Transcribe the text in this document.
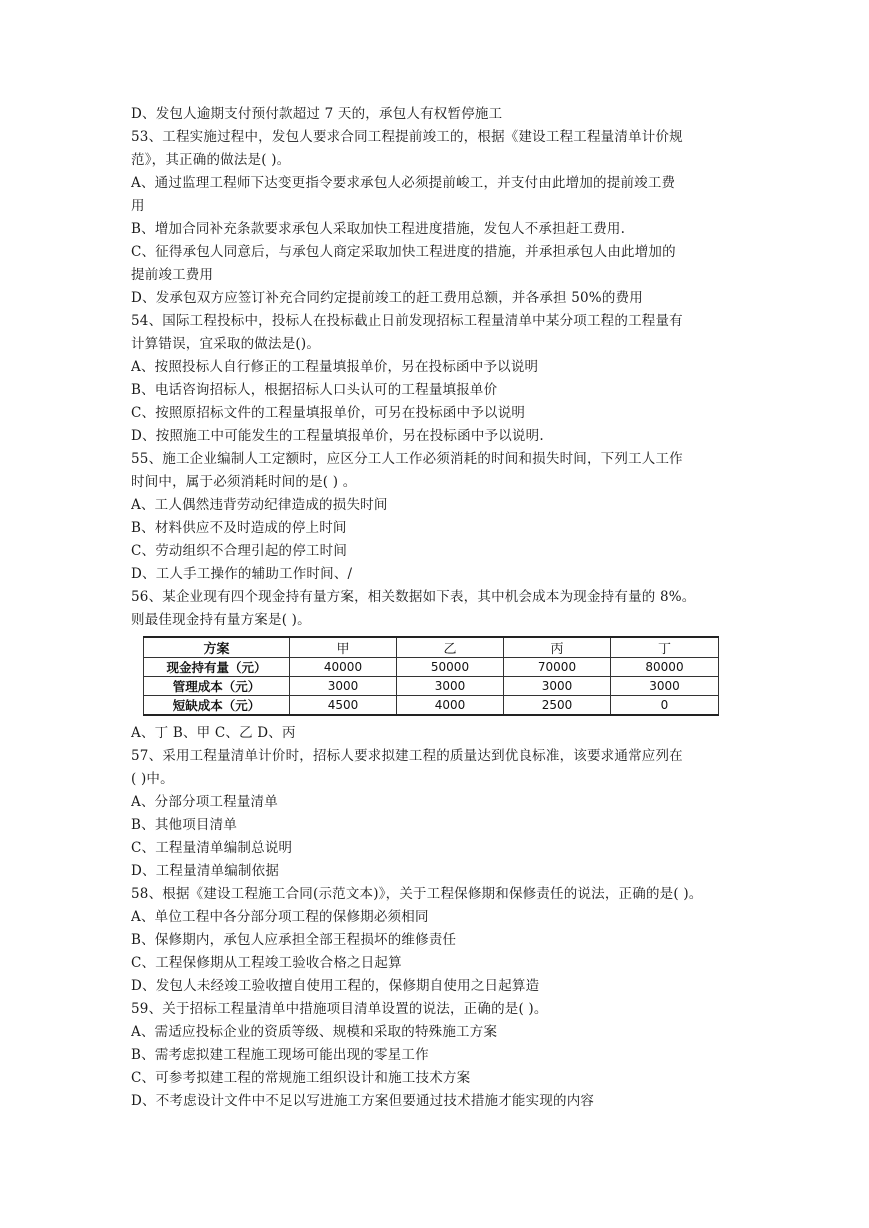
D、发包人逾期支付预付款超过 7 天的，承包人有权暂停施工
53、工程实施过程中，发包人要求合同工程提前竣工的，根据《建设工程工程量清单计价规
范》，其正确的做法是( )。
A、通过监理工程师下达变更指令要求承包人必须提前峻工，并支付由此增加的提前竣工费
用
B、增加合同补充条款要求承包人采取加快工程进度措施，发包人不承担赶工费用.
C、征得承包人同意后，与承包人商定采取加快工程进度的措施，并承担承包人由此增加的
提前竣工费用
D、发承包双方应签订补充合同约定提前竣工的赶工费用总额，并各承担 50%的费用
54、国际工程投标中，投标人在投标截止日前发现招标工程量清单中某分项工程的工程量有
计算错误，宜采取的做法是()。
A、按照投标人自行修正的工程量填报单价，另在投标函中予以说明
B、电话咨询招标人，根据招标人口头认可的工程量填报单价
C、按照原招标文件的工程量填报单价，可另在投标函中予以说明
D、按照施工中可能发生的工程量填报单价，另在投标函中予以说明.
55、施工企业编制人工定额时，应区分工人工作必须消耗的时间和损失时间，下列工人工作
时间中，属于必须消耗时间的是( ) 。
A、工人偶然违背劳动纪律造成的损失时间
B、材料供应不及时造成的停上时间
C、劳动组织不合理引起的停工时间
D、工人手工操作的辅助工作时间、/
56、某企业现有四个现金持有量方案，相关数据如下表，其中机会成本为现金持有量的 8%。
则最佳现金持有量方案是( )。
方案	甲	乙	丙	丁
现金持有量（元）	40000	50000	70000	80000
管理成本（元）	3000	3000	3000	3000
短缺成本（元）	4500	4000	2500	0
A、丁 B、甲 C、乙 D、丙
57、采用工程量清单计价时，招标人要求拟建工程的质量达到优良标准，该要求通常应列在
( )中。
A、分部分项工程量清单
B、其他项目清单
C、工程量清单编制总说明
D、工程量清单编制依据
58、根据《建设工程施工合同(示范文本)》，关于工程保修期和保修责任的说法，正确的是( )。
A、单位工程中各分部分项工程的保修期必须相同
B、保修期内，承包人应承担全部王程损坏的维修责任
C、工程保修期从工程竣工验收合格之日起算
D、发包人未经竣工验收擅自使用工程的，保修期自使用之日起算造
59、关于招标工程量清单中措施项目清单设置的说法，正确的是( )。
A、需适应投标企业的资质等级、规模和采取的特殊施工方案
B、需考虑拟建工程施工现场可能出现的零星工作
C、可参考拟建工程的常规施工组织设计和施工技术方案
D、不考虑设计文件中不足以写进施工方案但要通过技术措施才能实现的内容
